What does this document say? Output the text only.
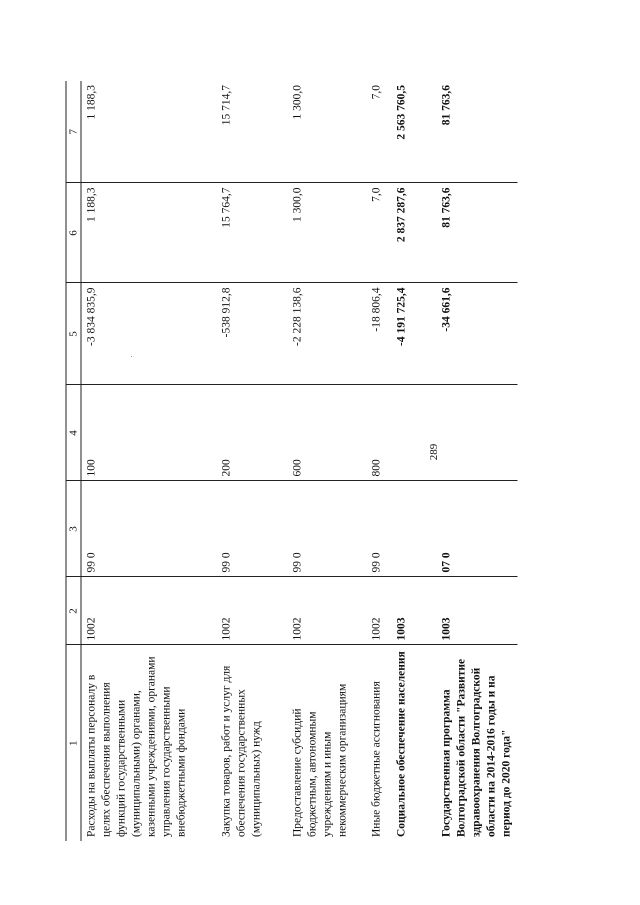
289
1	2	3	4	5	6	7
Расходы на выплаты персоналу в целях обеспечения выполнения функций государственными (муниципальными) органами, казенными учреждениями, органами управления государственными внебюджетными фондами	1002	99 0	100	-3 834 835,9	1 188,3	1 188,3
Закупка товаров, работ и услуг для обеспечения государственных (муниципальных) нужд	1002	99 0	200	-538 912,8	15 764,7	15 714,7
Предоставление субсидий бюджетным, автономным учреждениям и иным некоммерческим организациям	1002	99 0	600	-2 228 138,6	1 300,0	1 300,0
Иные бюджетные ассигнования	1002	99 0	800	-18 806,4	7,0	7,0
Социальное обеспечение населения	1003			-4 191 725,4	2 837 287,6	2 563 760,5
Государственная программа Волгоградской области "Развитие здравоохранения Волгоградской области на 2014-2016 годы и на период до 2020 года"	1003	07 0		-34 661,6	81 763,6	81 763,6
